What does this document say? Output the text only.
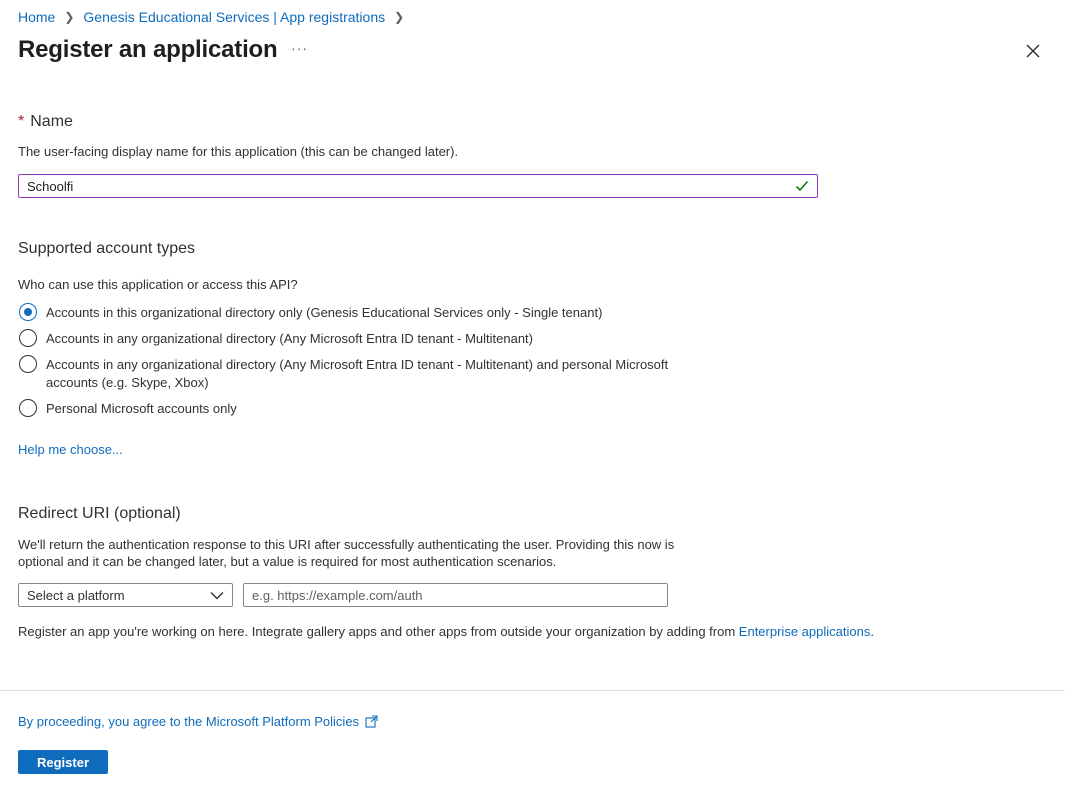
Home ❯ Genesis Educational Services | App registrations ❯
Register an application ···
* Name
The user-facing display name for this application (this can be changed later).
Schoolfi
Supported account types
Who can use this application or access this API?
Accounts in this organizational directory only (Genesis Educational Services only - Single tenant)
Accounts in any organizational directory (Any Microsoft Entra ID tenant - Multitenant)
Accounts in any organizational directory (Any Microsoft Entra ID tenant - Multitenant) and personal Microsoft
accounts (e.g. Skype, Xbox)
Personal Microsoft accounts only
Help me choose...
Redirect URI (optional)
We'll return the authentication response to this URI after successfully authenticating the user. Providing this now is
optional and it can be changed later, but a value is required for most authentication scenarios.
Select a platform	e.g. https://example.com/auth
Register an app you're working on here. Integrate gallery apps and other apps from outside your organization by adding from Enterprise applications.
By proceeding, you agree to the Microsoft Platform Policies
Register
